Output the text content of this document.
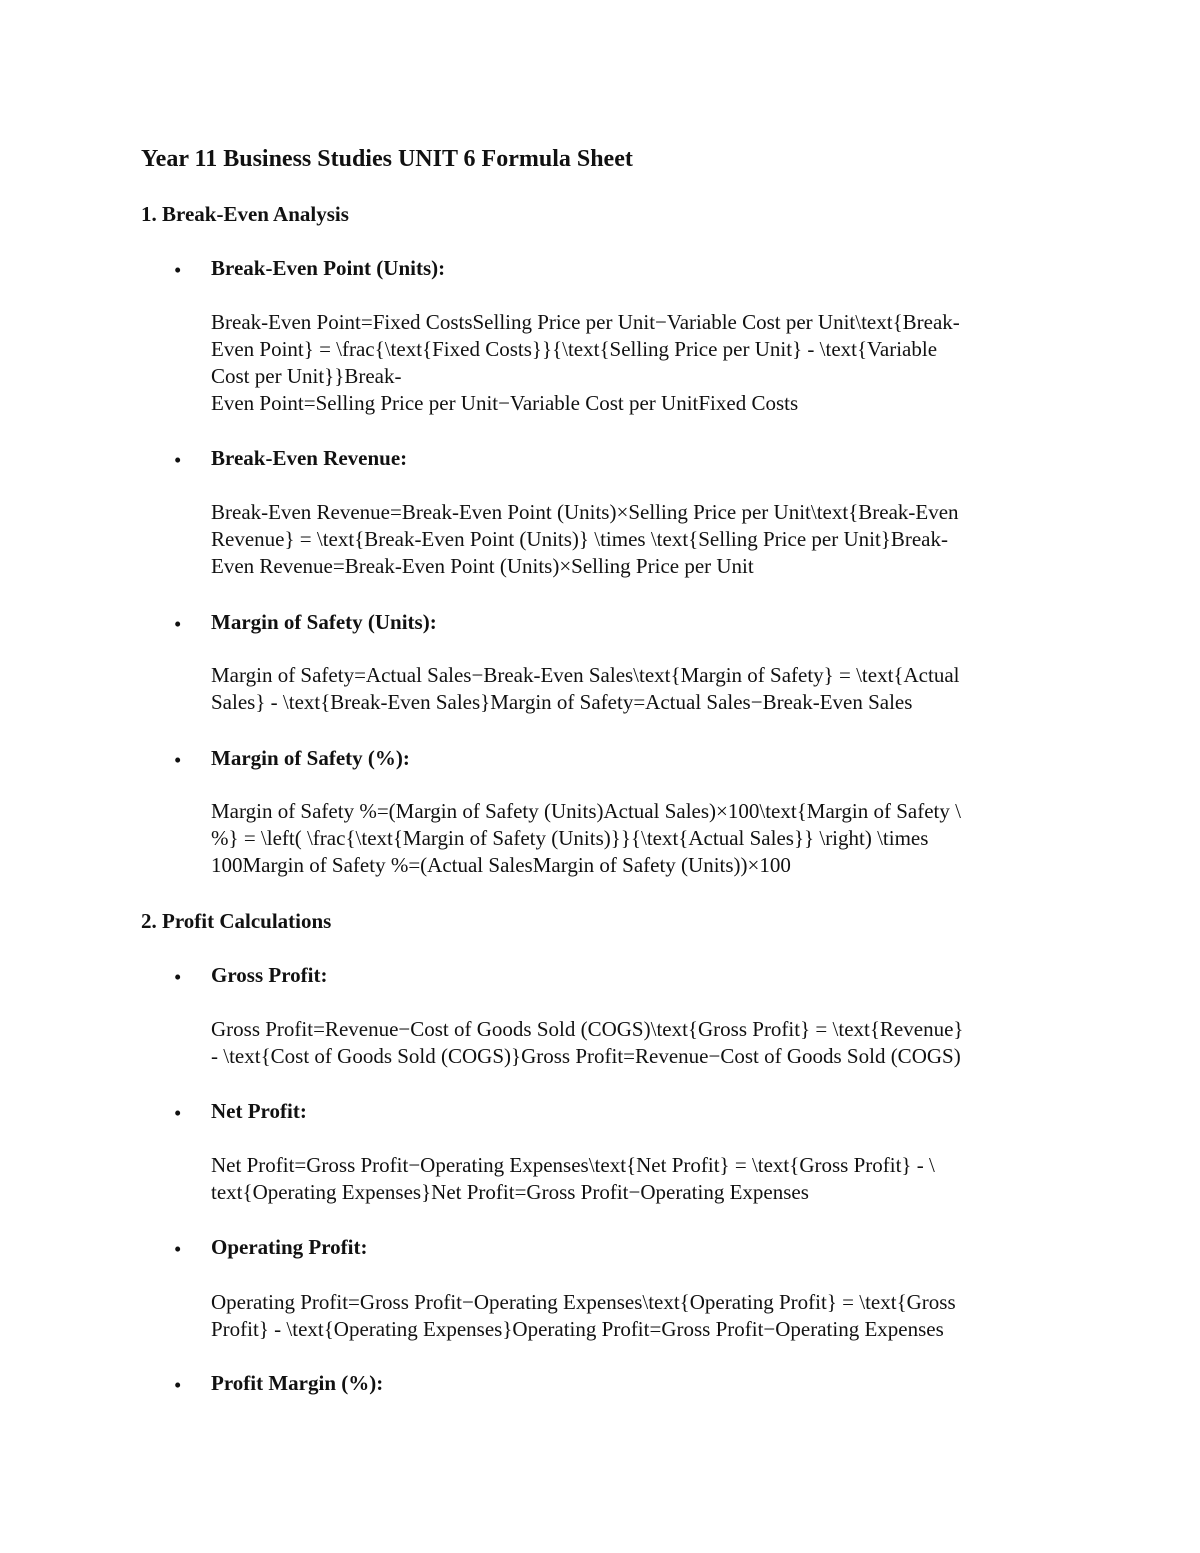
Year 11 Business Studies UNIT 6 Formula Sheet
1. Break-Even Analysis
• Break-Even Point (Units):

Break-Even Point=Fixed CostsSelling Price per Unit−Variable Cost per Unit\text{Break-

Even Point} = \frac{\text{Fixed Costs}}{\text{Selling Price per Unit} - \text{Variable

Cost per Unit}}Break-

Even Point=Selling Price per Unit−Variable Cost per UnitFixed Costs

• Break-Even Revenue:

Break-Even Revenue=Break-Even Point (Units)×Selling Price per Unit\text{Break-Even

Revenue} = \text{Break-Even Point (Units)} \times \text{Selling Price per Unit}Break-

Even Revenue=Break-Even Point (Units)×Selling Price per Unit

• Margin of Safety (Units):

Margin of Safety=Actual Sales−Break-Even Sales\text{Margin of Safety} = \text{Actual

Sales} - \text{Break-Even Sales}Margin of Safety=Actual Sales−Break-Even Sales

• Margin of Safety (%):

Margin of Safety %=(Margin of Safety (Units)Actual Sales)×100\text{Margin of Safety \

%} = \left( \frac{\text{Margin of Safety (Units)}}{\text{Actual Sales}} \right) \times

100Margin of Safety %=(Actual SalesMargin of Safety (Units))×100

2. Profit Calculations
• Gross Profit:

Gross Profit=Revenue−Cost of Goods Sold (COGS)\text{Gross Profit} = \text{Revenue}

- \text{Cost of Goods Sold (COGS)}Gross Profit=Revenue−Cost of Goods Sold (COGS)

• Net Profit:

Net Profit=Gross Profit−Operating Expenses\text{Net Profit} = \text{Gross Profit} - \

text{Operating Expenses}Net Profit=Gross Profit−Operating Expenses

• Operating Profit:

Operating Profit=Gross Profit−Operating Expenses\text{Operating Profit} = \text{Gross

Profit} - \text{Operating Expenses}Operating Profit=Gross Profit−Operating Expenses

• Profit Margin (%):
